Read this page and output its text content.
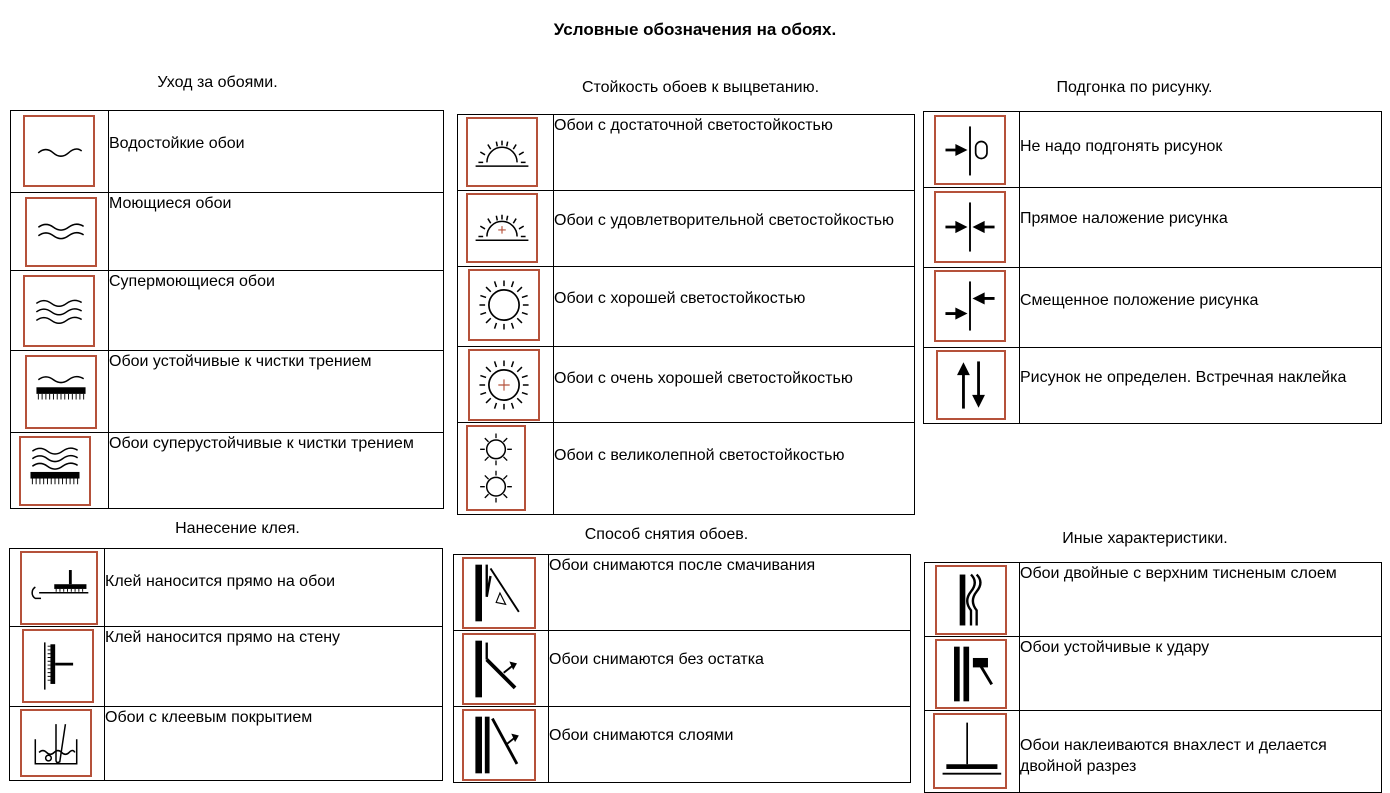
Условные обозначения на обоях.
Уход за обоями.
	Водостойкие обои

	Моющиеся обои

	Супермоющиеся обои

	Обои устойчивые к чистки трением

	Обои суперустойчивые к чистки трением
Стойкость обоев к выцветанию.
	Обои с достаточной светостойкостью

	Обои с удовлетворительной светостойкостью

	Обои с хорошей светостойкостью

	Обои с очень хорошей светостойкостью

	Обои с великолепной светостойкостью
Подгонка по рисунку.
	Не надо подгонять рисунок

	Прямое наложение рисунка

	Смещенное положение рисунка

	Рисунок не определен. Встречная наклейка
Нанесение клея.
	Клей наносится прямо на обои

	Клей наносится прямо на стену

	Обои с клеевым покрытием
Способ снятия обоев.
	Обои снимаются после смачивания

	Обои снимаются без остатка

	Обои снимаются слоями
Иные характеристики.
	Обои двойные с верхним тисненым слоем

	Обои устойчивые к удару

	Обои наклеиваются внахлест и делается двойной разрез
